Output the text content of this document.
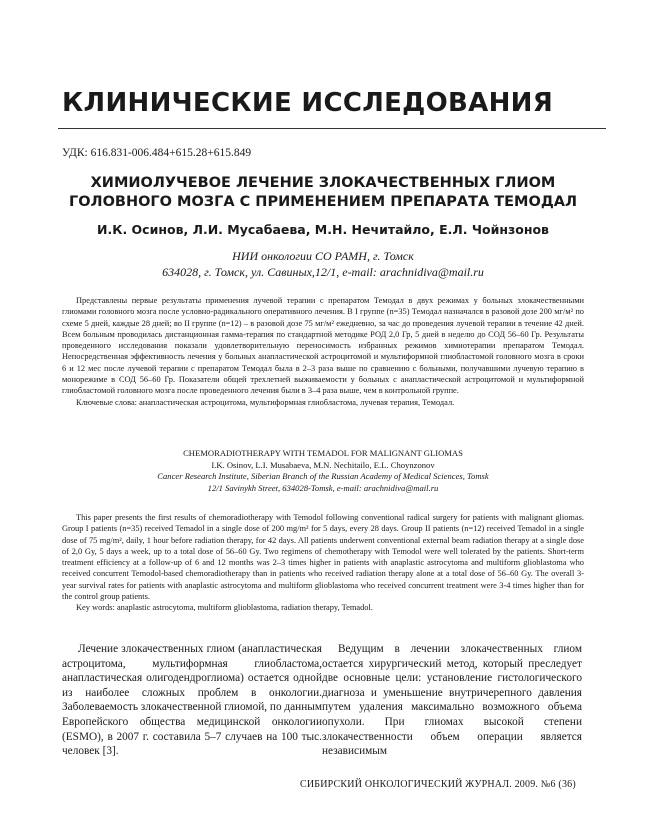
КЛИНИЧЕСКИЕ ИССЛЕДОВАНИЯ
УДК: 616.831-006.484+615.28+615.849
ХИМИОЛУЧЕВОЕ ЛЕЧЕНИЕ ЗЛОКАЧЕСТВЕННЫХ ГЛИОМ
ГОЛОВНОГО МОЗГА С ПРИМЕНЕНИЕМ ПРЕПАРАТА ТЕМОДАЛ
И.К. Осинов, Л.И. Мусабаева, М.Н. Нечитайло, Е.Л. Чойнзонов
НИИ онкологии СО РАМН, г. Томск
634028, г. Томск, ул. Савиных,12/1, e-mail: arachnidiva@mail.ru

Представлены первые результаты применения лучевой терапии с препаратом Темодал в двух режимах у больных злокачественными глиомами головного мозга после условно-радикального оперативного лечения. В I группе (n=35) Темодал назначался в разовой дозе 200 мг/м² по схеме 5 дней, каждые 28 дней; во II группе (n=12) – в разовой дозе 75 мг/м² ежедневно, за час до проведения лучевой терапии в течение 42 дней. Всем больным проводилась дистанционная гамма-терапия по стандартной методике РОД 2,0 Гр, 5 дней в неделю до СОД 56–60 Гр. Результаты проведенного исследования показали удовлетворительную переносимость избранных режимов химиотерапии препаратом Темодал. Непосредственная эффективность лечения у больных анапластической астроцитомой и мультиформной глиобластомой головного мозга в сроки 6 и 12 мес после лучевой терапии с препаратом Темодал была в 2–3 раза выше по сравнению с больными, получавшими лучевую терапию в монорежиме в СОД 56–60 Гр. Показатели общей трехлетней выживаемости у больных с анапластической астроцитомой и мультиформной глиобластомой головного мозга после проведенного лечения были в 3–4 раза выше, чем в контрольной группе.

Ключевые слова: анапластическая астроцитома, мультиформная глиобластома, лучевая терапия, Темодал.

CHEMORADIOTHERAPY WITH TEMADOL FOR MALIGNANT GLIOMAS
I.K. Osinov, L.I. Musabaeva, M.N. Nechitailo, E.L. Choynzonov
Cancer Research Institute, Siberian Branch of the Russian Academy of Medical Sciences, Tomsk
12/1 Savinykh Street, 634028-Tomsk, e-mail: arachnidiva@mail.ru

This paper presents the first results of chemoradiotherapy with Temodol following conventional radical surgery for patients with malignant gliomas. Group I patients (n=35) received Temadol in a single dose of 200 mg/m² for 5 days, every 28 days. Group II patients (n=12) received Temadol in a single dose of 75 mg/m², daily, 1 hour before radiation therapy, for 42 days. All patients underwent conventional external beam radiation therapy at a single dose of 2,0 Gy, 5 days a week, up to a total dose of 56–60 Gy. Two regimens of chemotherapy with Temodol were well tolerated by the patients. Short-term treatment efficiency at a follow-up of 6 and 12 months was 2–3 times higher in patients with anaplastic astrocytoma and multiform glioblastoma who received concurrent Temodol-based chemoradiotherapy than in patients who received radiation therapy alone at a total dose of 56–60 Gy. The overall 3-year survival rates for patients with anaplastic astrocytoma and multiform glioblastoma who received concurrent treatment were 3-4 times higher than for the control group patients.

Key words: anaplastic astrocytoma, multiform glioblastoma, radiation therapy, Temadol.

Лечение злокачественных глиом (анапластическая астроцитома, мультиформная глиобластома, анапластическая олигодендроглиома) остается одной из наиболее сложных проблем в онкологии. Заболеваемость злокачественной глиомой, по данным Европейского общества медицинской онкологии (ESMO), в 2007 г. составила 5–7 случаев на 100 тыс. человек [3].

Ведущим в лечении злокачественных глиом остается хирургический метод, который преследует две основные цели: установление гистологического диагноза и уменьшение внутричерепного давления путем удаления максимально возможного объема опухоли. При глиомах высокой степени злокачественности объем операции является независимым

СИБИРСКИЙ ОНКОЛОГИЧЕСКИЙ ЖУРНАЛ. 2009. №6 (36)
